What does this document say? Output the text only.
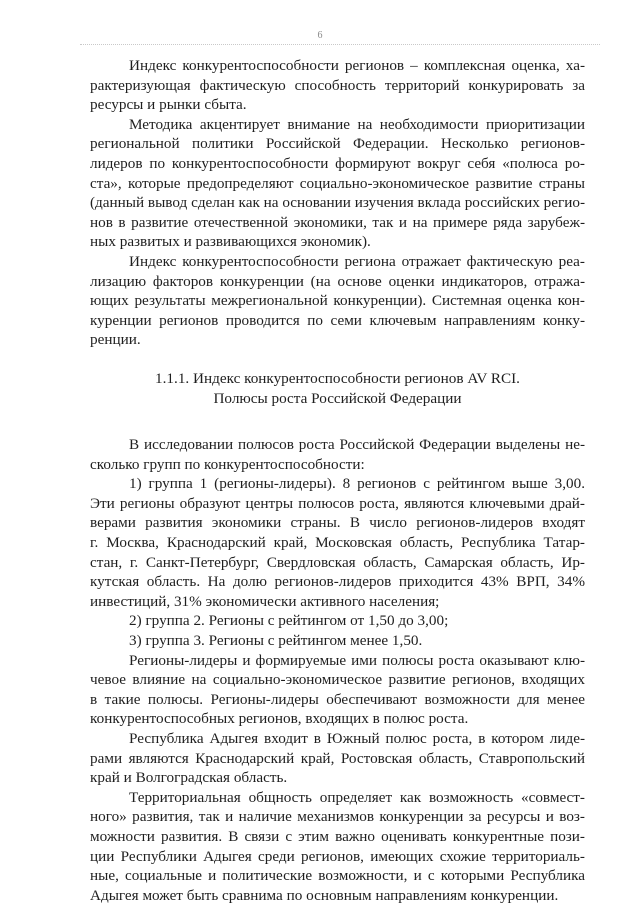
6

Индекс конкурентоспособности регионов – комплексная оценка, ха-
рактеризующая фактическую способность территорий конкурировать за
ресурсы и рынки сбыта.

Методика акцентирует внимание на необходимости приоритизации
региональной политики Российской Федерации. Несколько регионов-
лидеров по конкурентоспособности формируют вокруг себя «полюса ро-
ста», которые предопределяют социально-экономическое развитие страны
(данный вывод сделан как на основании изучения вклада российских регио-
нов в развитие отечественной экономики, так и на примере ряда зарубеж-
ных развитых и развивающихся экономик).

Индекс конкурентоспособности региона отражает фактическую реа-
лизацию факторов конкуренции (на основе оценки индикаторов, отража-
ющих результаты межрегиональной конкуренции). Системная оценка кон-
куренции регионов проводится по семи ключевым направлениям конку-
ренции.

1.1.1. Индекс конкурентоспособности регионов AV RCI.
Полюсы роста Российской Федерации

В исследовании полюсов роста Российской Федерации выделены не-
сколько групп по конкурентоспособности:

1) группа 1 (регионы-лидеры). 8 регионов с рейтингом выше 3,00.
Эти регионы образуют центры полюсов роста, являются ключевыми драй-
верами развития экономики страны. В число регионов-лидеров входят
г. Москва, Краснодарский край, Московская область, Республика Татар-
стан, г. Санкт-Петербург, Свердловская область, Самарская область, Ир-
кутская область. На долю регионов-лидеров приходится 43% ВРП, 34%
инвестиций, 31% экономически активного населения;

2) группа 2. Регионы с рейтингом от 1,50 до 3,00;

3) группа 3. Регионы с рейтингом менее 1,50.

Регионы-лидеры и формируемые ими полюсы роста оказывают клю-
чевое влияние на социально-экономическое развитие регионов, входящих
в такие полюсы. Регионы-лидеры обеспечивают возможности для менее
конкурентоспособных регионов, входящих в полюс роста.

Республика Адыгея входит в Южный полюс роста, в котором лиде-
рами являются Краснодарский край, Ростовская область, Ставропольский
край и Волгоградская область.

Территориальная общность определяет как возможность «совмест-
ного» развития, так и наличие механизмов конкуренции за ресурсы и воз-
можности развития. В связи с этим важно оценивать конкурентные пози-
ции Республики Адыгея среди регионов, имеющих схожие территориаль-
ные, социальные и политические возможности, и с которыми Республика
Адыгея может быть сравнима по основным направлениям конкуренции.
